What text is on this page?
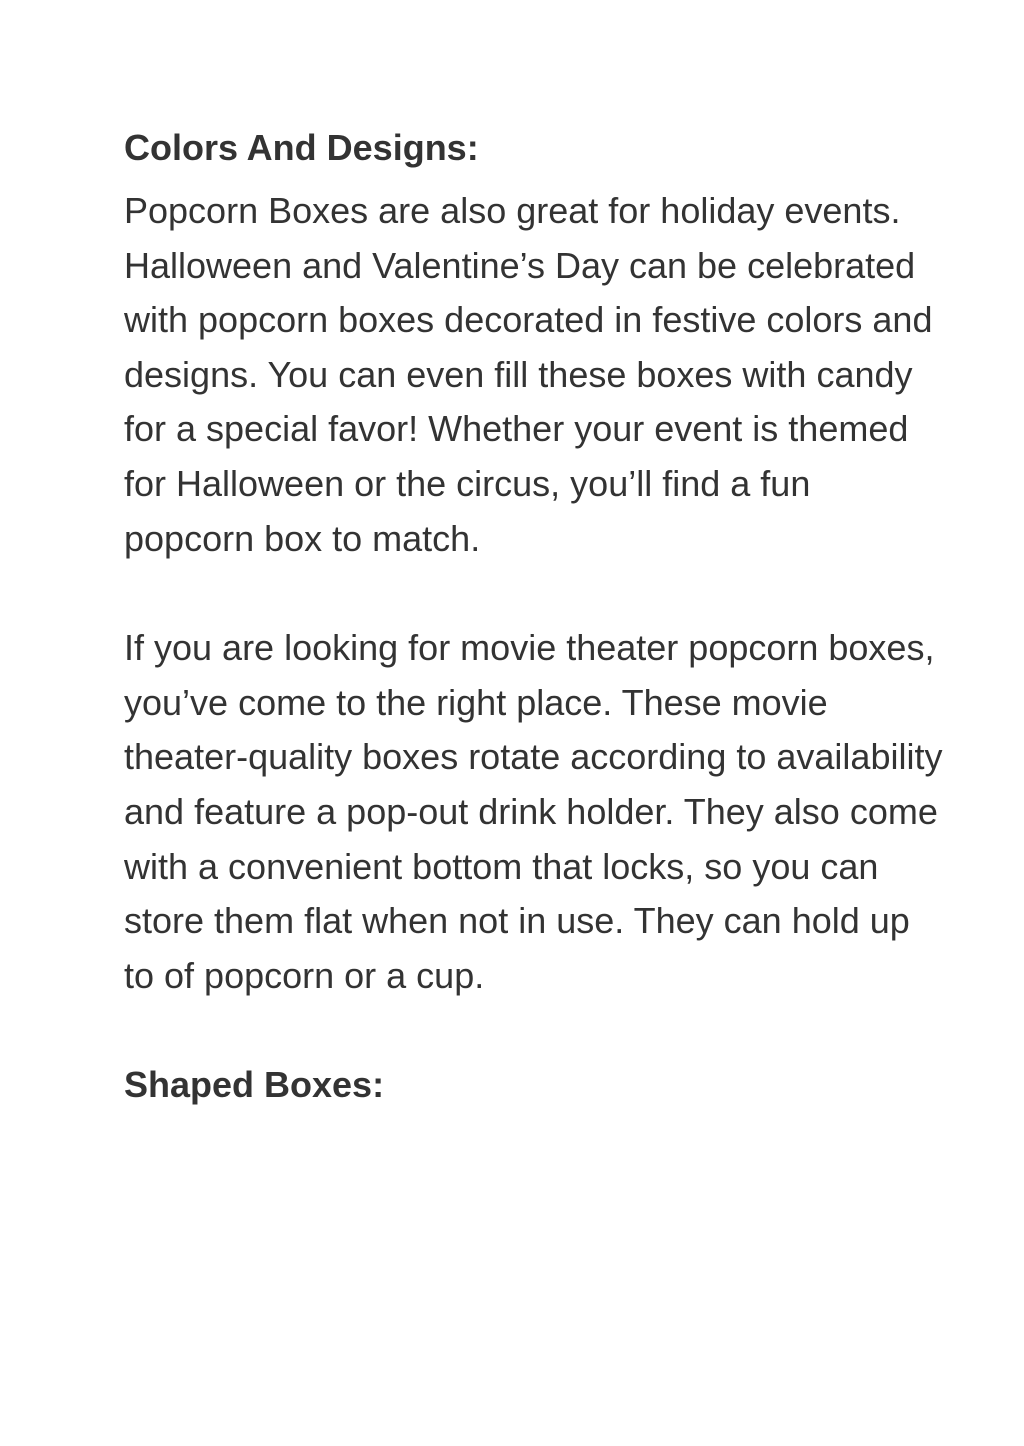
Colors And Designs:

Popcorn Boxes are also great for holiday events. Halloween and Valentine’s Day can be celebrated with popcorn boxes decorated in festive colors and designs. You can even fill these boxes with candy for a special favor! Whether your event is themed for Halloween or the circus, you’ll find a fun popcorn box to match.

If you are looking for movie theater popcorn boxes, you’ve come to the right place. These movie theater-quality boxes rotate according to availability and feature a pop-out drink holder. They also come with a convenient bottom that locks, so you can store them flat when not in use. They can hold up to of popcorn or a cup.

Shaped Boxes:
